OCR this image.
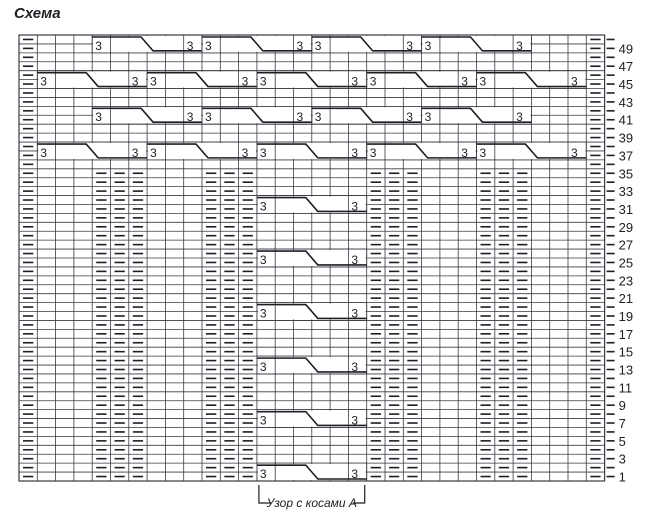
Схема
3	3 3	3 3	3 3	3
3	3 3	3 3	3 3	3 3	3
3	3 3	3 3	3 3	3
3	3 3	3 3	3 3	3 3	3
3	3
3	3
3	3
3	3
3	3
3	3
49
47
45
43
41
39
37
35
33
31
29
27
25
23
21
19
17
15
13
11
9
7
5
3
1
Узор с косами А
